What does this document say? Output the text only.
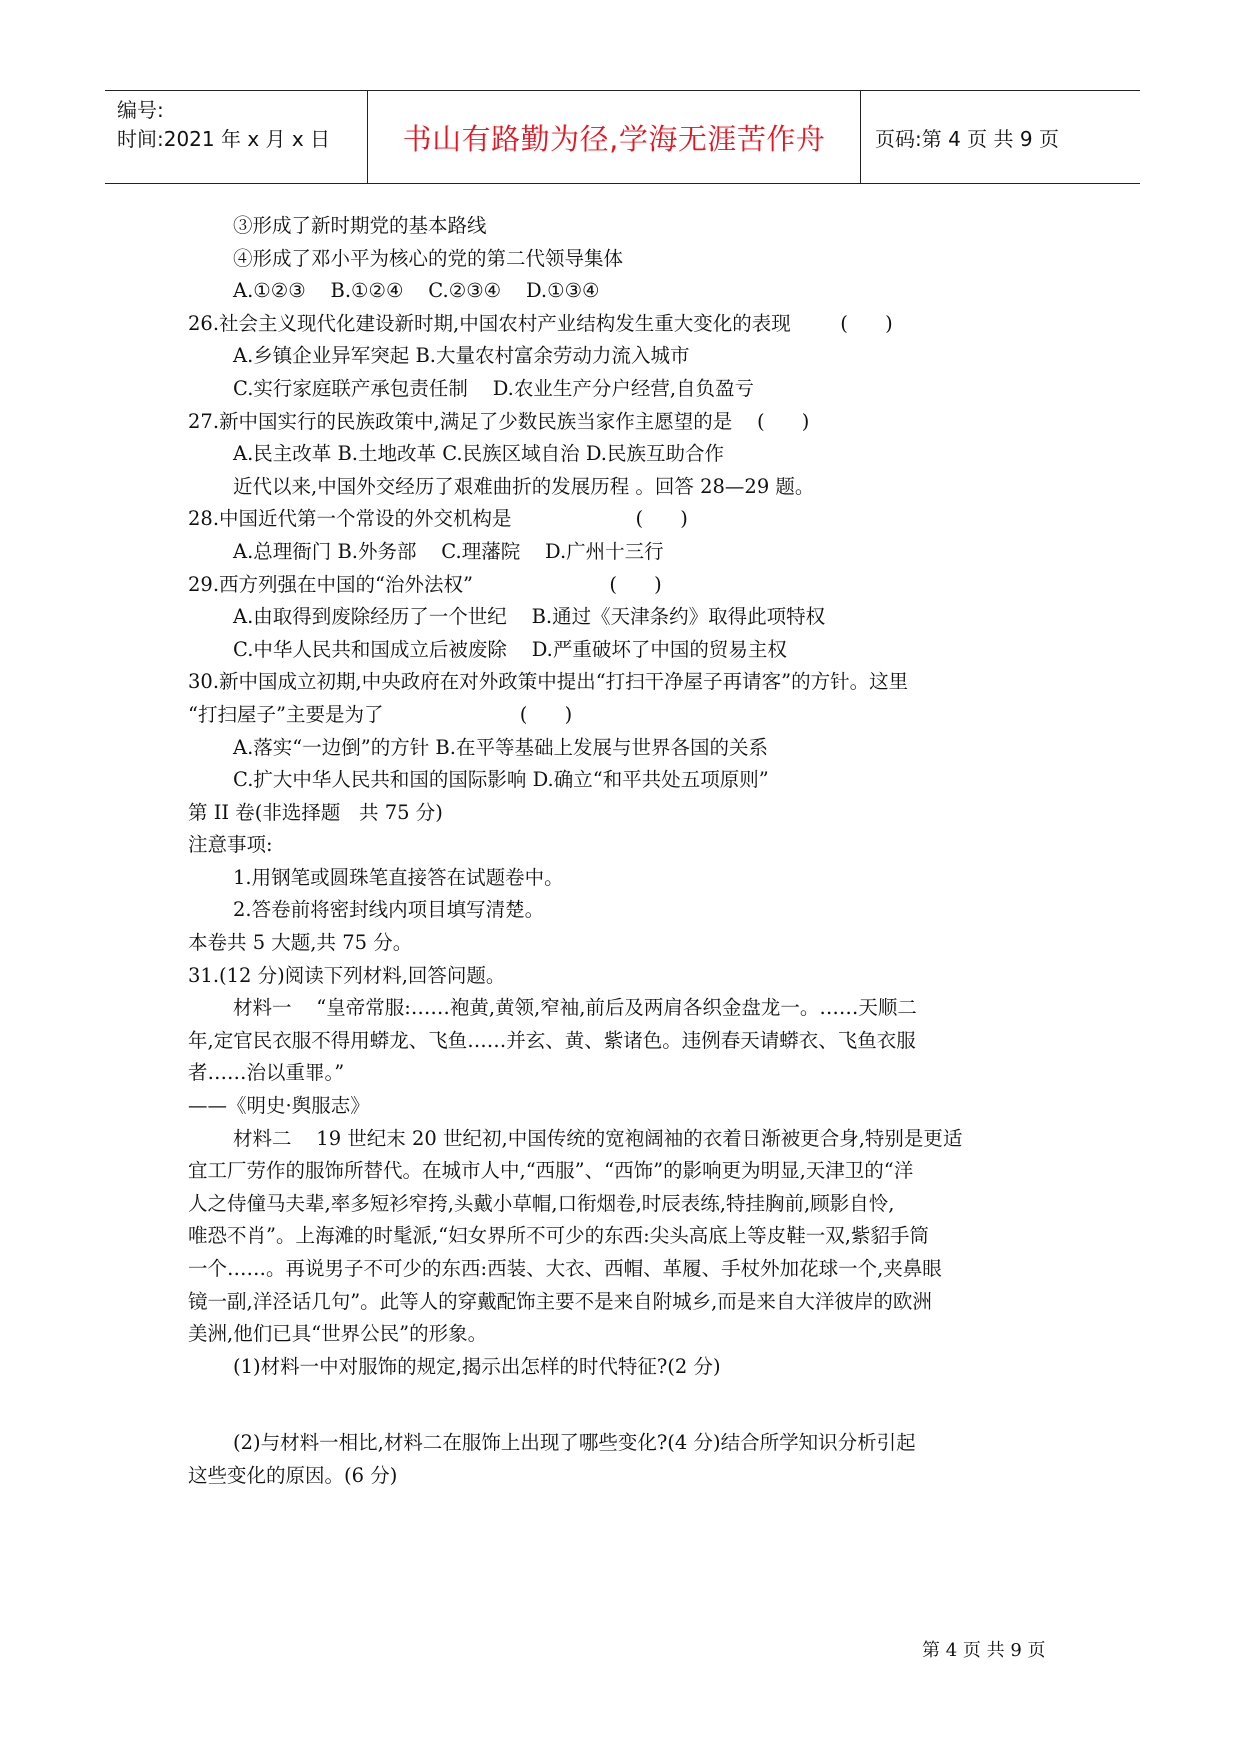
编号:
时间:2021 年 x 月 x 日	书山有路勤为径,学海无涯苦作舟 页码:第 4 页 共 9 页
③形成了新时期党的基本路线
④形成了邓小平为核心的党的第二代领导集体
A.①②③    B.①②④    C.②③④    D.①③④
26.社会主义现代化建设新时期,中国农村产业结构发生重大变化的表现        (      )
A.乡镇企业异军突起 B.大量农村富余劳动力流入城市
C.实行家庭联产承包责任制    D.农业生产分户经营,自负盈亏
27.新中国实行的民族政策中,满足了少数民族当家作主愿望的是    (      )
A.民主改革 B.土地改革 C.民族区域自治 D.民族互助合作
近代以来,中国外交经历了艰难曲折的发展历程 。回答 28—29 题。
28.中国近代第一个常设的外交机构是                    (      )
A.总理衙门 B.外务部    C.理藩院    D.广州十三行
29.西方列强在中国的“治外法权”                      (      )
A.由取得到废除经历了一个世纪    B.通过《天津条约》取得此项特权
C.中华人民共和国成立后被废除    D.严重破坏了中国的贸易主权
30.新中国成立初期,中央政府在对外政策中提出“打扫干净屋子再请客”的方针。这里
“打扫屋子”主要是为了                      (      )
A.落实“一边倒”的方针 B.在平等基础上发展与世界各国的关系
C.扩大中华人民共和国的国际影响 D.确立“和平共处五项原则”
第 II 卷(非选择题   共 75 分)
注意事项:
1.用钢笔或圆珠笔直接答在试题卷中。
2.答卷前将密封线内项目填写清楚。
本卷共 5 大题,共 75 分。
31.(12 分)阅读下列材料,回答问题。
材料一    “皇帝常服:……袍黄,黄领,窄袖,前后及两肩各织金盘龙一。……天顺二
年,定官民衣服不得用蟒龙、飞鱼……并玄、黄、紫诸色。违例春天请蟒衣、飞鱼衣服
者……治以重罪。”
——《明史·舆服志》
材料二    19 世纪末 20 世纪初,中国传统的宽袍阔袖的衣着日渐被更合身,特别是更适
宜工厂劳作的服饰所替代。在城市人中,“西服”、“西饰”的影响更为明显,天津卫的“洋
人之侍僮马夫辈,率多短衫窄挎,头戴小草帽,口衔烟卷,时辰表练,特挂胸前,顾影自怜,
唯恐不肖”。上海滩的时髦派,“妇女界所不可少的东西:尖头高底上等皮鞋一双,紫貂手筒
一个……。再说男子不可少的东西:西装、大衣、西帽、革履、手杖外加花球一个,夹鼻眼
镜一副,洋泾话几句”。此等人的穿戴配饰主要不是来自附城乡,而是来自大洋彼岸的欧洲
美洲,他们已具“世界公民”的形象。
(1)材料一中对服饰的规定,揭示出怎样的时代特征?(2 分)
(2)与材料一相比,材料二在服饰上出现了哪些变化?(4 分)结合所学知识分析引起
这些变化的原因。(6 分)
第 4 页 共 9 页
